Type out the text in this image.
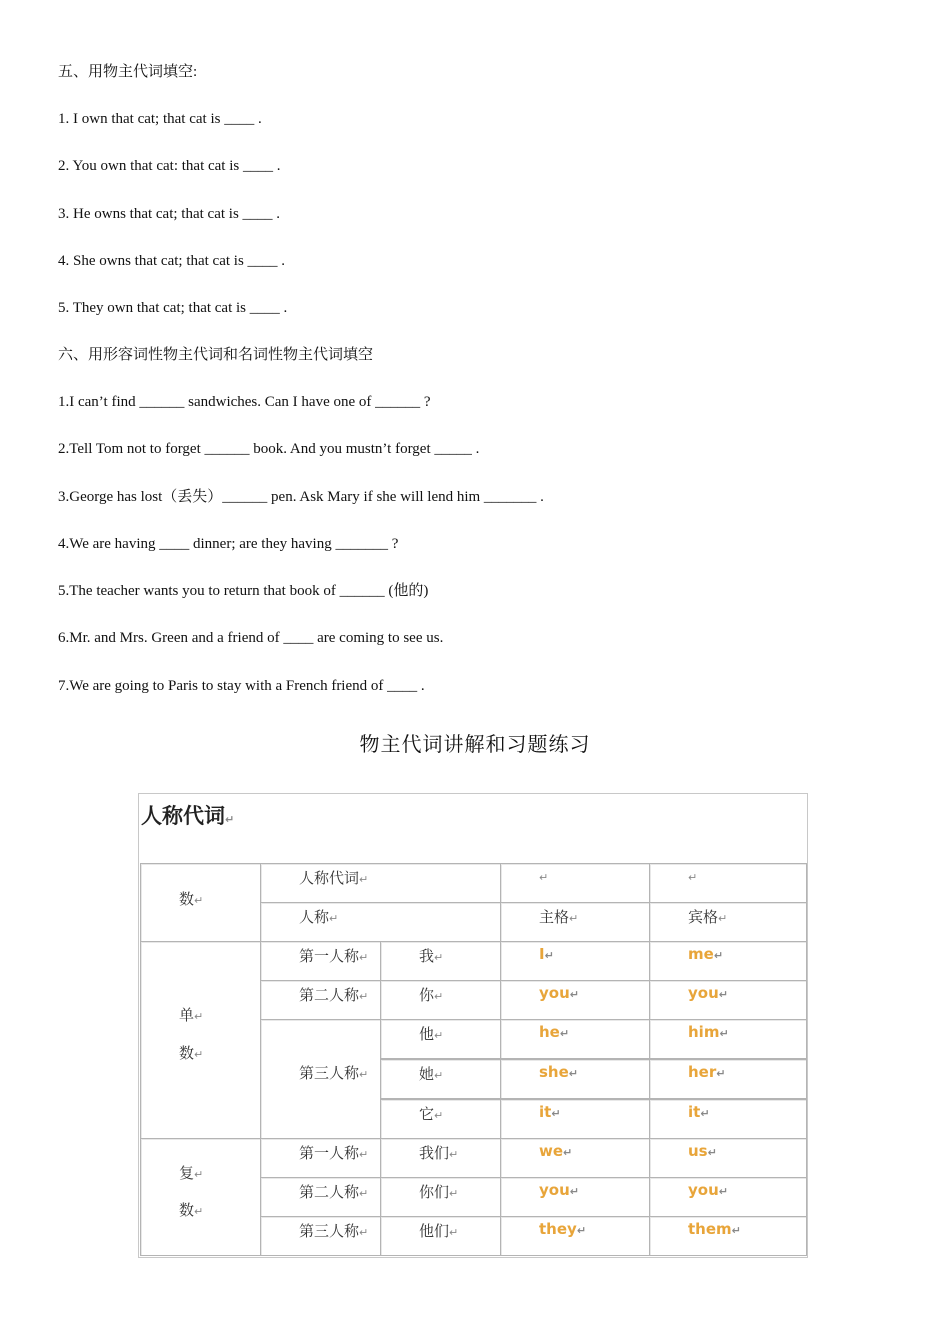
五、用物主代词填空:
1. I own that cat; that cat is ____ .
2. You own that cat: that cat is ____ .
3. He owns that cat; that cat is ____ .
4. She owns that cat; that cat is ____ .
5. They own that cat; that cat is ____ .
六、用形容词性物主代词和名词性物主代词填空
1.I can’t find ______ sandwiches. Can I have one of ______ ?
2.Tell Tom not to forget ______ book. And you mustn’t forget _____ .
3.George has lost（丢失）______ pen. Ask Mary if she will lend him _______ .
4.We are having ____ dinner; are they having _______ ?
5.The teacher wants you to return that book of ______ (他的)
6.Mr. and Mrs. Green and a friend of ____ are coming to see us.
7.We are going to Paris to stay with a French friend of ____ .
物主代词讲解和习题练习
人称代词↵
数↵
人称代词↵	↵	↵
人称↵	主格↵	宾格↵
单↵
数↵
第一人称↵	我↵	I↵	me↵
第二人称↵	你↵	you↵	you↵
第三人称↵
他↵	he↵	him↵
她↵	she↵	her↵
它↵	it↵	it↵
复↵
数↵
第一人称↵	我们↵	we↵	us↵
第二人称↵	你们↵	you↵	you↵
第三人称↵	他们↵	they↵	them↵
